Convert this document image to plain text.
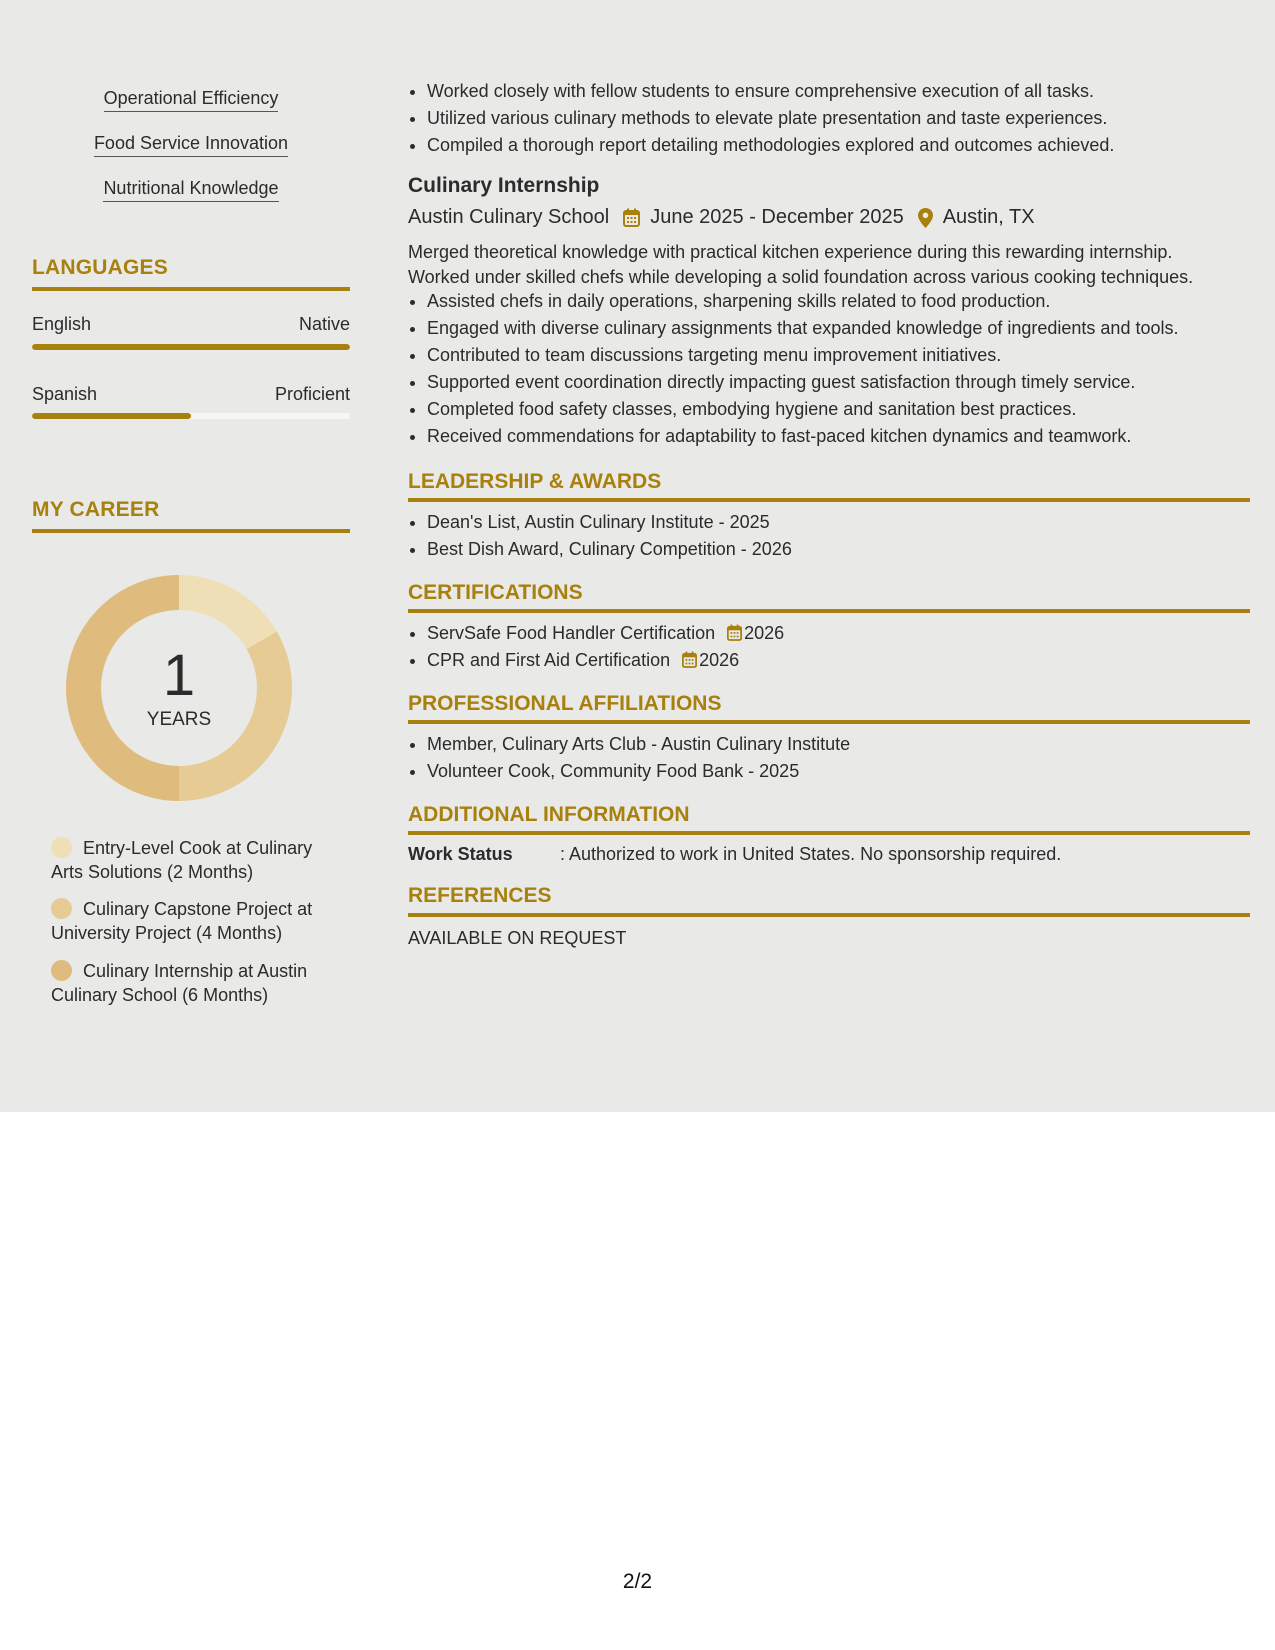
Operational Efficiency
Food Service Innovation
Nutritional Knowledge
LANGUAGES
English	Native
Spanish	Proficient
MY CAREER
1
YEARS
Entry-Level Cook at Culinary Arts Solutions (2 Months)
Culinary Capstone Project at University Project (4 Months)
Culinary Internship at Austin Culinary School (6 Months)
• Worked closely with fellow students to ensure comprehensive execution of all tasks.
• Utilized various culinary methods to elevate plate presentation and taste experiences.
• Compiled a thorough report detailing methodologies explored and outcomes achieved.
Culinary Internship
Austin Culinary School June 2025 - December 2025 Austin, TX
Merged theoretical knowledge with practical kitchen experience during this rewarding internship.
Worked under skilled chefs while developing a solid foundation across various cooking techniques.
• Assisted chefs in daily operations, sharpening skills related to food production.
• Engaged with diverse culinary assignments that expanded knowledge of ingredients and tools.
• Contributed to team discussions targeting menu improvement initiatives.
• Supported event coordination directly impacting guest satisfaction through timely service.
• Completed food safety classes, embodying hygiene and sanitation best practices.
• Received commendations for adaptability to fast-paced kitchen dynamics and teamwork.
LEADERSHIP & AWARDS
• Dean's List, Austin Culinary Institute - 2025
• Best Dish Award, Culinary Competition - 2026
CERTIFICATIONS
• ServSafe Food Handler Certification 2026
• CPR and First Aid Certification 2026
PROFESSIONAL AFFILIATIONS
• Member, Culinary Arts Club - Austin Culinary Institute
• Volunteer Cook, Community Food Bank - 2025
ADDITIONAL INFORMATION
Work Status	: Authorized to work in United States. No sponsorship required.
REFERENCES
AVAILABLE ON REQUEST
2/2
